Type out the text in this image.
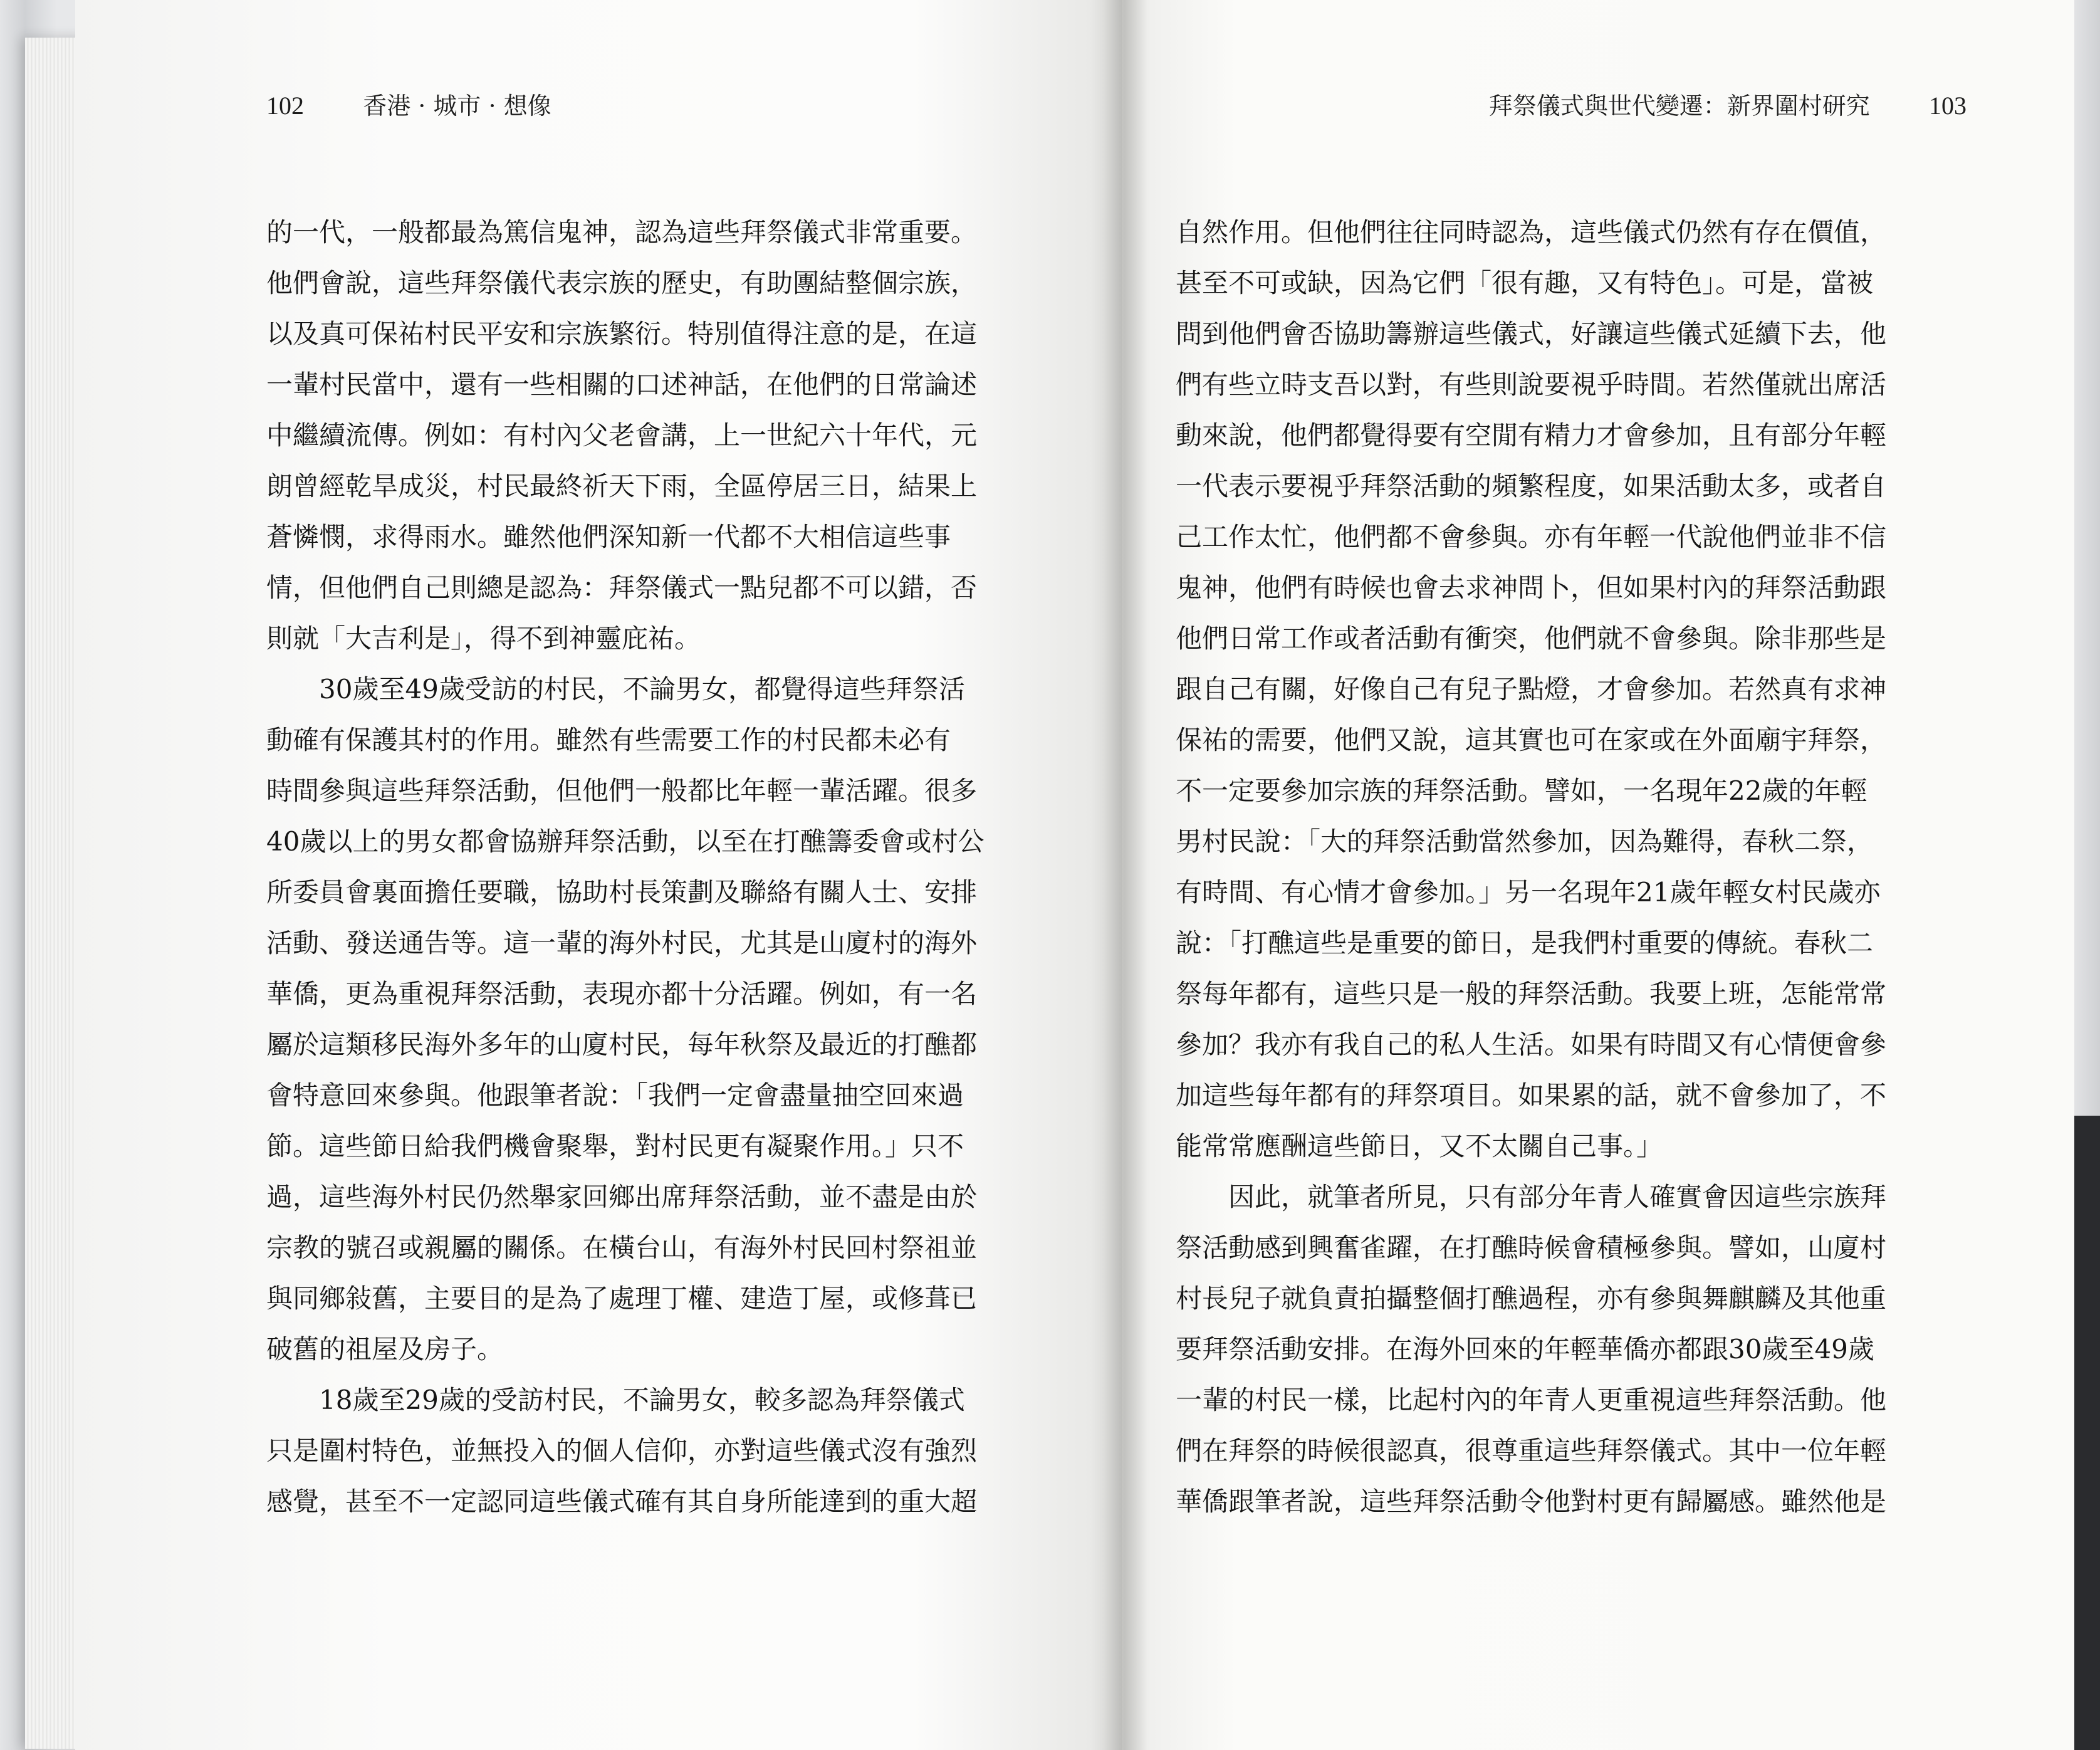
102 香港 · 城市 · 想像	拜祭儀式與世代變遷：新界圍村研究 103
的一代，一般都最為篤信鬼神，認為這些拜祭儀式非常重要。
他們會說，這些拜祭儀代表宗族的歷史，有助團結整個宗族，
以及真可保祐村民平安和宗族繁衍。特別值得注意的是，在這
一輩村民當中，還有一些相關的口述神話，在他們的日常論述
中繼續流傳。例如：有村內父老會講，上一世紀六十年代，元
朗曾經乾旱成災，村民最終祈天下雨，全區停居三日，結果上
蒼憐憫，求得雨水。雖然他們深知新一代都不大相信這些事
情，但他們自己則總是認為：拜祭儀式一點兒都不可以錯，否
則就「大吉利是」，得不到神靈庇祐。
30歲至49歲受訪的村民，不論男女，都覺得這些拜祭活
動確有保護其村的作用。雖然有些需要工作的村民都未必有
時間參與這些拜祭活動，但他們一般都比年輕一輩活躍。很多
40歲以上的男女都會協辦拜祭活動，以至在打醮籌委會或村公
所委員會裏面擔任要職，協助村長策劃及聯絡有關人士、安排
活動、發送通告等。這一輩的海外村民，尤其是山廈村的海外
華僑，更為重視拜祭活動，表現亦都十分活躍。例如，有一名
屬於這類移民海外多年的山廈村民，每年秋祭及最近的打醮都
會特意回來參與。他跟筆者說：「我們一定會盡量抽空回來過
節。這些節日給我們機會聚舉，對村民更有凝聚作用。」只不
過，這些海外村民仍然舉家回鄉出席拜祭活動，並不盡是由於
宗教的號召或親屬的關係。在橫台山，有海外村民回村祭祖並
與同鄉敍舊，主要目的是為了處理丁權、建造丁屋，或修葺已
破舊的祖屋及房子。
18歲至29歲的受訪村民，不論男女，較多認為拜祭儀式
只是圍村特色，並無投入的個人信仰，亦對這些儀式沒有強烈
感覺，甚至不一定認同這些儀式確有其自身所能達到的重大超
自然作用。但他們往往同時認為，這些儀式仍然有存在價值，
甚至不可或缺，因為它們「很有趣，又有特色」。可是，當被
問到他們會否協助籌辦這些儀式，好讓這些儀式延續下去，他
們有些立時支吾以對，有些則說要視乎時間。若然僅就出席活
動來說，他們都覺得要有空閒有精力才會參加，且有部分年輕
一代表示要視乎拜祭活動的頻繁程度，如果活動太多，或者自
己工作太忙，他們都不會參與。亦有年輕一代說他們並非不信
鬼神，他們有時候也會去求神問卜，但如果村內的拜祭活動跟
他們日常工作或者活動有衝突，他們就不會參與。除非那些是
跟自己有關，好像自己有兒子點燈，才會參加。若然真有求神
保祐的需要，他們又說，這其實也可在家或在外面廟宇拜祭，
不一定要參加宗族的拜祭活動。譬如，一名現年22歲的年輕
男村民說：「大的拜祭活動當然參加，因為難得，春秋二祭，
有時間、有心情才會參加。」另一名現年21歲年輕女村民歲亦
說：「打醮這些是重要的節日，是我們村重要的傳統。春秋二
祭每年都有，這些只是一般的拜祭活動。我要上班，怎能常常
參加？我亦有我自己的私人生活。如果有時間又有心情便會參
加這些每年都有的拜祭項目。如果累的話，就不會參加了，不
能常常應酬這些節日，又不太關自己事。」
因此，就筆者所見，只有部分年青人確實會因這些宗族拜
祭活動感到興奮雀躍，在打醮時候會積極參與。譬如，山廈村
村長兒子就負責拍攝整個打醮過程，亦有參與舞麒麟及其他重
要拜祭活動安排。在海外回來的年輕華僑亦都跟30歲至49歲
一輩的村民一樣，比起村內的年青人更重視這些拜祭活動。他
們在拜祭的時候很認真，很尊重這些拜祭儀式。其中一位年輕
華僑跟筆者說，這些拜祭活動令他對村更有歸屬感。雖然他是
